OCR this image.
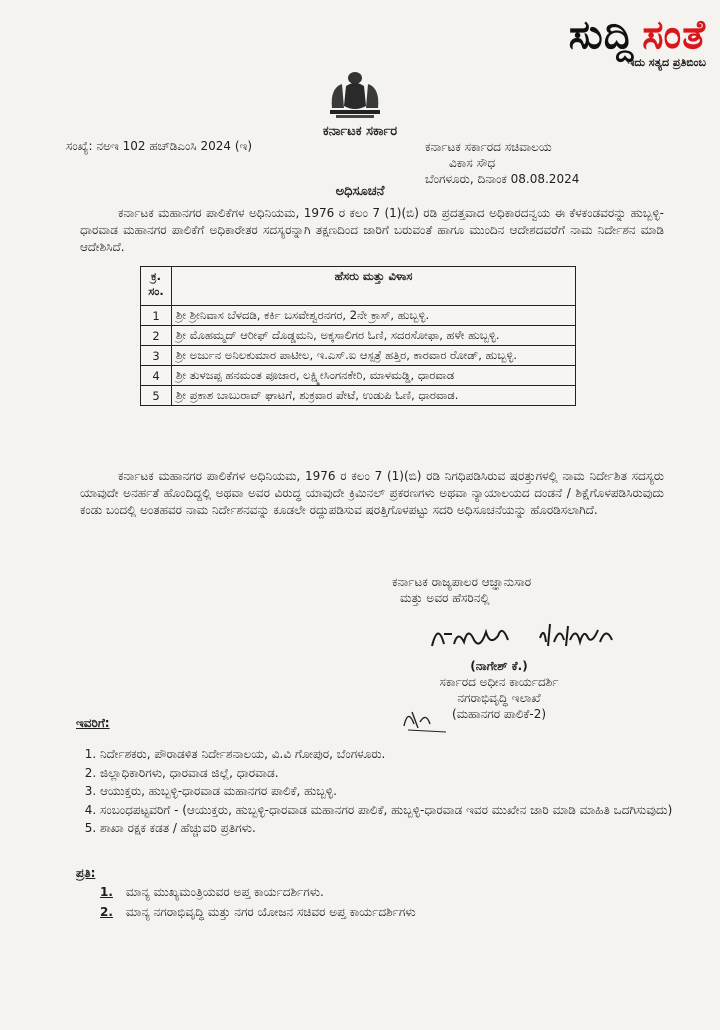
ಸುದ್ದಿ ಸಂತೆ
ಇದು ಸತ್ಯದ ಪ್ರತಿಬಿಂಬ
ಕರ್ನಾಟಕ ಸರ್ಕಾರ
ಸಂಖ್ಯೆ: ನಅಇ 102 ಹಚ್‌ಡಿಎಂಸಿ 2024 (ಇ)	ಕರ್ನಾಟಕ ಸರ್ಕಾರದ ಸಚಿವಾಲಯ
ವಿಕಾಸ ಸೌಧ
ಬೆಂಗಳೂರು, ದಿನಾಂಕ 08.08.2024
ಅಧಿಸೂಚನೆ
ಕರ್ನಾಟಕ ಮಹಾನಗರ ಪಾಲಿಕೆಗಳ ಅಧಿನಿಯಮ, 1976 ರ ಕಲಂ 7 (1)(ಬಿ) ರಡಿ ಪ್ರದತ್ತವಾದ ಅಧಿಕಾರದನ್ವಯ ಈ ಕೆಳಕಂಡವರನ್ನು ಹುಬ್ಬಳ್ಳಿ-ಧಾರವಾಡ ಮಹಾನಗರ ಪಾಲಿಕೆಗೆ ಅಧಿಕಾರೇತರ ಸದಸ್ಯರನ್ನಾಗಿ ತಕ್ಷಣದಿಂದ ಜಾರಿಗೆ ಬರುವಂತೆ ಹಾಗೂ ಮುಂದಿನ ಆದೇಶದವರೆಗೆ ನಾಮ ನಿರ್ದೇಶನ ಮಾಡಿ ಆದೇಶಿಸಿದೆ.
ಕ್ರ. ಸಂ.	ಹೆಸರು ಮತ್ತು ವಿಳಾಸ
1	ಶ್ರೀ ಶ್ರೀನಿವಾಸ ಬೆಳದಡಿ, ಕರ್ಕಿ ಬಸವೇಶ್ವರನಗರ, 2ನೇ ಕ್ರಾಸ್, ಹುಬ್ಬಳ್ಳಿ.
2	ಶ್ರೀ ಮೊಹಮ್ಮದ್ ಆರೀಫ್ ದೊಡ್ಡಮನಿ, ಅಕ್ಕಸಾಲಿಗರ ಓಣಿ, ಸದರಸೋಫಾ, ಹಳೇ ಹುಬ್ಬಳ್ಳಿ.
3	ಶ್ರೀ ಅರ್ಜುನ ಅನಿಲಕುಮಾರ ಪಾಟೀಲ, ಇ.ಎಸ್.ಐ ಆಸ್ಪತ್ರೆ ಹತ್ತಿರ, ಕಾರವಾರ ರೋಡ್, ಹುಬ್ಬಳ್ಳಿ.
4	ಶ್ರೀ ತುಳಜಪ್ಪ ಹನಮಂತ ಪೂಜಾರ, ಲಕ್ಷ್ಮೀಸಿಂಗನಕೇರಿ, ಮಾಳಮಡ್ಡಿ, ಧಾರವಾಡ
5	ಶ್ರೀ ಪ್ರಕಾಶ ಬಾಬುರಾವ್ ಘಾಟಗೆ, ಶುಕ್ರವಾರ ಪೇಟೆ, ಉಡುಪಿ ಓಣಿ, ಧಾರವಾಡ.
ಕರ್ನಾಟಕ ಮಹಾನಗರ ಪಾಲಿಕೆಗಳ ಅಧಿನಿಯಮ, 1976 ರ ಕಲಂ 7 (1)(ಬಿ) ರಡಿ ನಿಗಧಿಪಡಿಸಿರುವ ಷರತ್ತುಗಳಲ್ಲಿ ನಾಮ ನಿರ್ದೇಶಿತ ಸದಸ್ಯರು ಯಾವುದೇ ಅನರ್ಹತೆ ಹೊಂದಿದ್ದಲ್ಲಿ ಅಥವಾ ಅವರ ವಿರುದ್ಧ ಯಾವುದೇ ಕ್ರಿಮಿನಲ್ ಪ್ರಕರಣಗಳು ಅಥವಾ ನ್ಯಾಯಾಲಯದ ದಂಡನೆ / ಶಿಕ್ಷೆಗೊಳಪಡಿಸಿರುವುದು ಕಂಡು ಬಂದಲ್ಲಿ ಅಂತಹವರ ನಾಮ ನಿರ್ದೇಶನವನ್ನು ಕೂಡಲೇ ರದ್ದುಪಡಿಸುವ ಷರತ್ತಿಗೊಳಪಟ್ಟು ಸದರಿ ಅಧಿಸೂಚನೆಯನ್ನು ಹೊರಡಿಸಲಾಗಿದೆ.
ಕರ್ನಾಟಕ ರಾಜ್ಯಪಾಲರ ಆಜ್ಞಾನುಸಾರ
ಮತ್ತು ಅವರ ಹೆಸರಿನಲ್ಲಿ
(ನಾಗೇಶ್ ಕೆ.)
ಸರ್ಕಾರದ ಅಧೀನ ಕಾರ್ಯದರ್ಶಿ
ನಗರಾಭಿವೃದ್ಧಿ ಇಲಾಖೆ
(ಮಹಾನಗರ ಪಾಲಿಕೆ-2)
ಇವರಿಗೆ:
1. ನಿರ್ದೇಶಕರು, ಪೌರಾಡಳಿತ ನಿರ್ದೇಶನಾಲಯ, ವಿ.ವಿ ಗೋಪುರ, ಬೆಂಗಳೂರು.
2. ಜಿಲ್ಲಾಧಿಕಾರಿಗಳು, ಧಾರವಾಡ ಜಿಲ್ಲೆ, ಧಾರವಾಡ.
3. ಆಯುಕ್ತರು, ಹುಬ್ಬಳ್ಳಿ-ಧಾರವಾಡ ಮಹಾನಗರ ಪಾಲಿಕೆ, ಹುಬ್ಬಳ್ಳಿ.
4. ಸಂಬಂಧಪಟ್ಟವರಿಗೆ - (ಆಯುಕ್ತರು, ಹುಬ್ಬಳ್ಳಿ-ಧಾರವಾಡ ಮಹಾನಗರ ಪಾಲಿಕೆ, ಹುಬ್ಬಳ್ಳಿ-ಧಾರವಾಡ ಇವರ ಮುಖೇನ ಜಾರಿ ಮಾಡಿ ಮಾಹಿತಿ ಒದಗಿಸುವುದು)
5. ಶಾಖಾ ರಕ್ಷಕ ಕಡತ / ಹೆಚ್ಚುವರಿ ಪ್ರತಿಗಳು.
ಪ್ರತಿ:
1. ಮಾನ್ಯ ಮುಖ್ಯಮಂತ್ರಿಯವರ ಅಪ್ತ ಕಾರ್ಯದರ್ಶಿಗಳು.
2. ಮಾನ್ಯ ನಗರಾಭಿವೃದ್ಧಿ ಮತ್ತು ನಗರ ಯೋಜನ ಸಚಿವರ ಅಪ್ತ ಕಾರ್ಯದರ್ಶಿಗಳು
